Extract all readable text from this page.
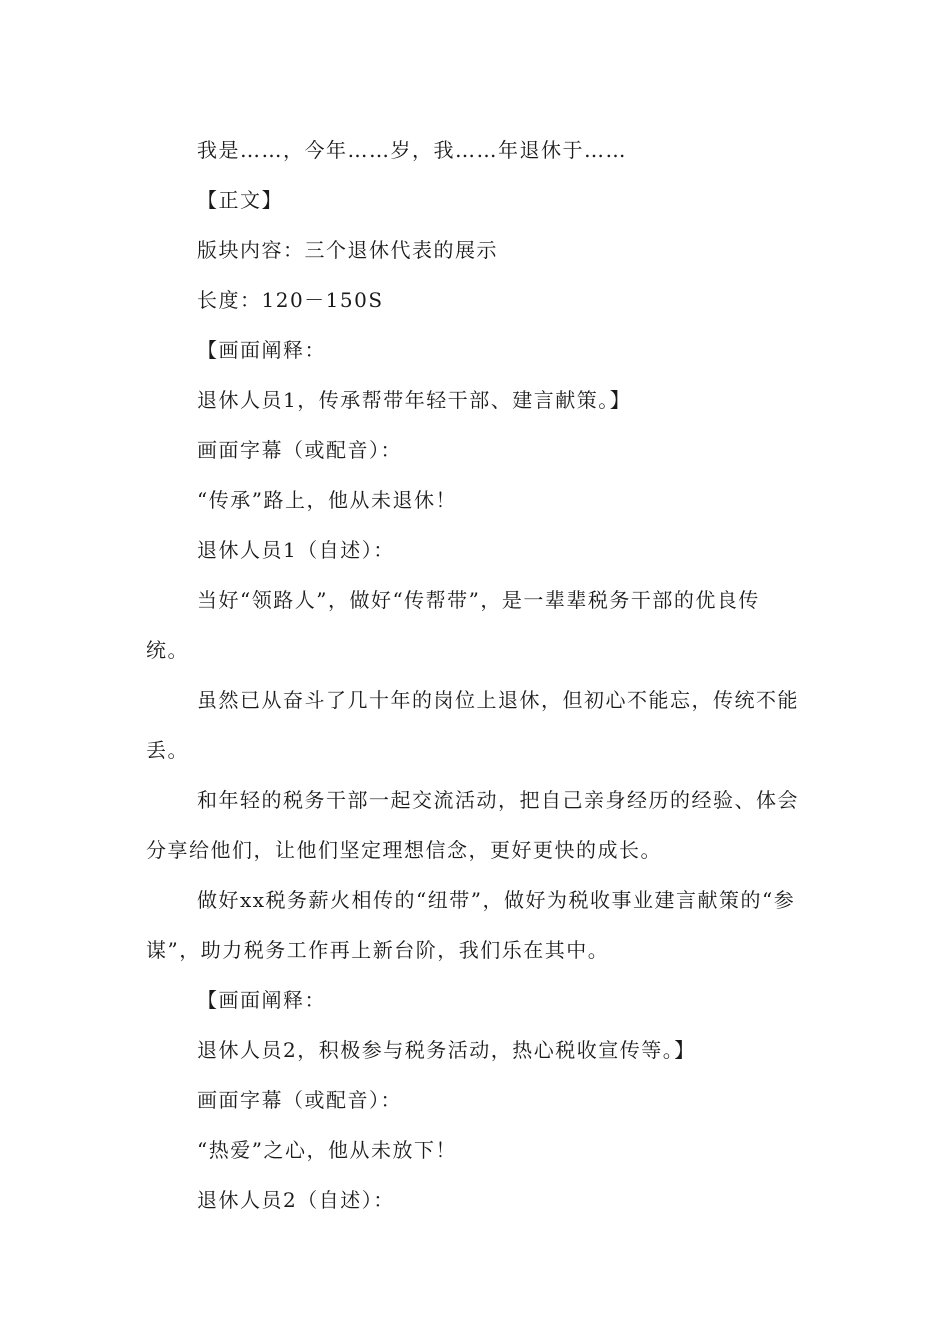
我是……，今年……岁，我……年退休于……

【正文】

版块内容：三个退休代表的展示

长度：120－150S

【画面阐释：

退休人员1，传承帮带年轻干部、建言献策。】

画面字幕（或配音）：

“传承”路上，他从未退休！

退休人员1（自述）：

当好“领路人”，做好“传帮带”，是一辈辈税务干部的优良传统。

虽然已从奋斗了几十年的岗位上退休，但初心不能忘，传统不能丢。

和年轻的税务干部一起交流活动，把自己亲身经历的经验、体会分享给他们，让他们坚定理想信念，更好更快的成长。

做好xx税务薪火相传的“纽带”，做好为税收事业建言献策的“参谋”，助力税务工作再上新台阶，我们乐在其中。

【画面阐释：

退休人员2，积极参与税务活动，热心税收宣传等。】

画面字幕（或配音）：

“热爱”之心，他从未放下！

退休人员2（自述）：
